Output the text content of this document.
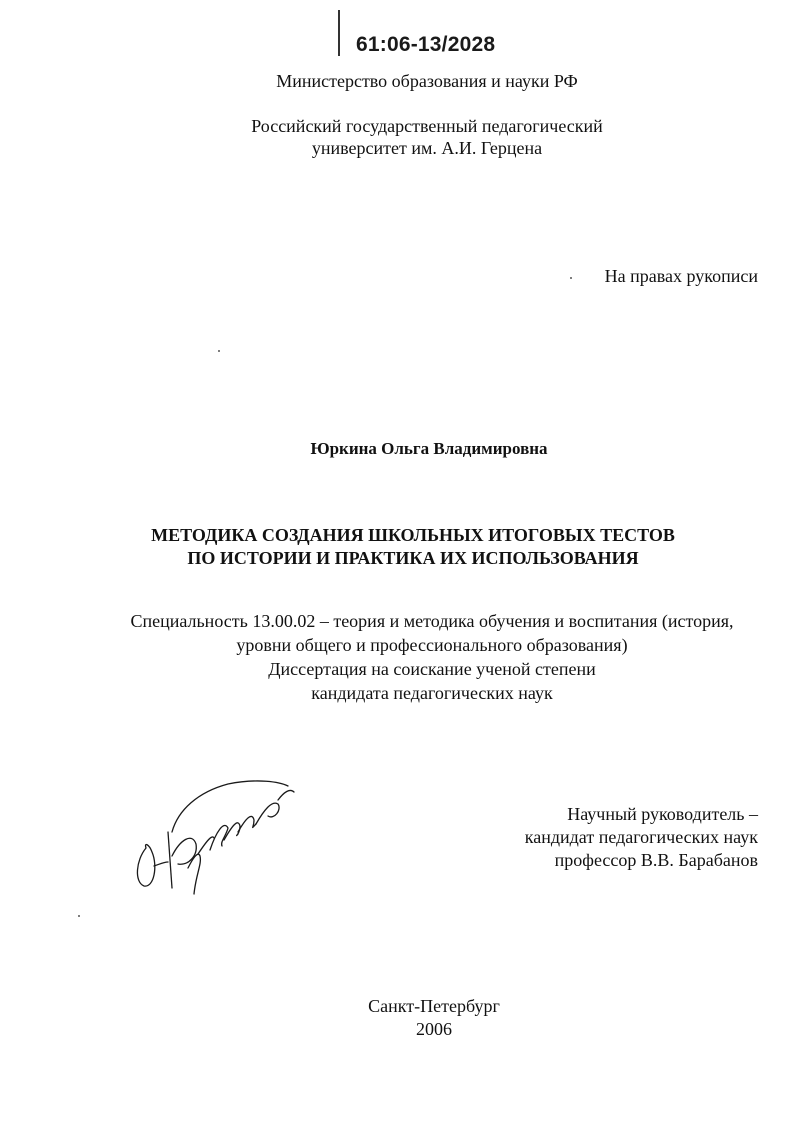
61:06-13/2028
Министерство образования и науки РФ
Российский государственный педагогический
университет им. А.И. Герцена
На правах рукописи
Юркина Ольга Владимировна
МЕТОДИКА СОЗДАНИЯ ШКОЛЬНЫХ ИТОГОВЫХ ТЕСТОВ
ПО ИСТОРИИ И ПРАКТИКА ИХ ИСПОЛЬЗОВАНИЯ
Специальность 13.00.02 – теория и методика обучения и воспитания (история,
уровни общего и профессионального образования)
Диссертация на соискание ученой степени
кандидата педагогических наук
Научный руководитель –
кандидат педагогических наук
профессор В.В. Барабанов
Санкт-Петербург
2006
